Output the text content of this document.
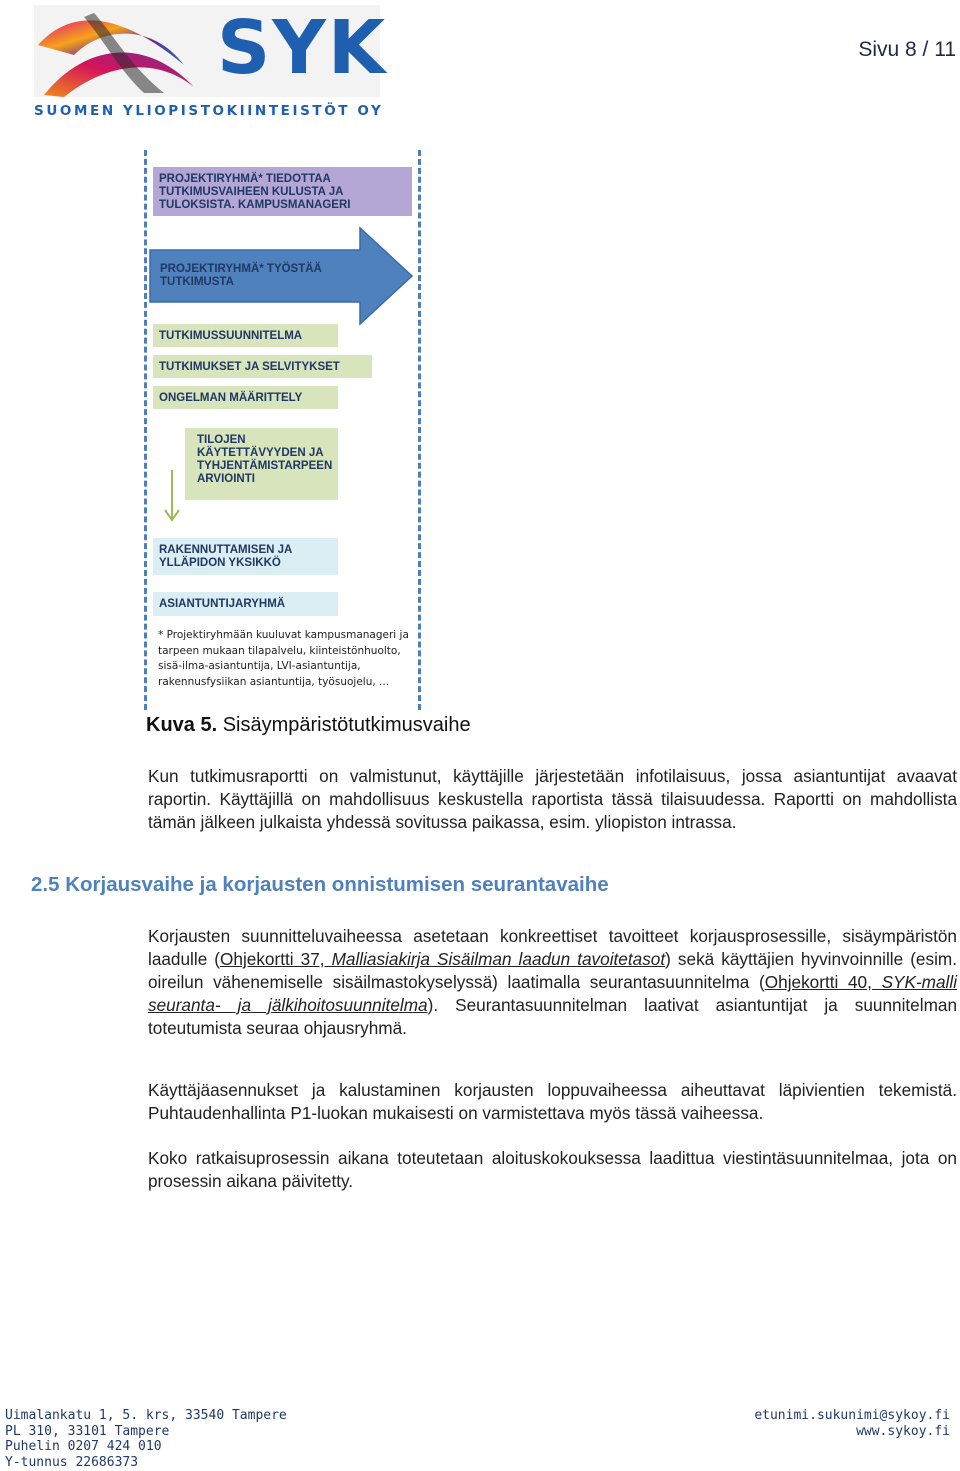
SYK
SUOMEN YLIOPISTOKIINTEISTÖT OY
Sivu 8 / 11
PROJEKTIRYHMÄ* TIEDOTTAA TUTKIMUSVAIHEEN KULUSTA JA TULOKSISTA. KAMPUSMANAGERI
PROJEKTIRYHMÄ* TYÖSTÄÄ TUTKIMUSTA
TUTKIMUSSUUNNITELMA
TUTKIMUKSET JA SELVITYKSET
ONGELMAN MÄÄRITTELY
TILOJEN KÄYTETTÄVYYDEN JA TYHJENTÄMISTARPEEN ARVIOINTI
RAKENNUTTAMISEN JA YLLÄPIDON YKSIKKÖ
ASIANTUNTIJARYHMÄ
* Projektiryhmään kuuluvat kampusmanageri ja tarpeen mukaan tilapalvelu, kiinteistönhuolto, sisä-ilma-asiantuntija, LVI-asiantuntija, rakennusfysiikan asiantuntija, työsuojelu, ...
Kuva 5. Sisäympäristötutkimusvaihe
Kun tutkimusraportti on valmistunut, käyttäjille järjestetään infotilaisuus, jossa asiantuntijat avaavat raportin. Käyttäjillä on mahdollisuus keskustella raportista tässä tilaisuudessa. Raportti on mahdollista tämän jälkeen julkaista yhdessä sovitussa paikassa, esim. yliopiston intrassa.
2.5 Korjausvaihe ja korjausten onnistumisen seurantavaihe
Korjausten suunnitteluvaiheessa asetetaan konkreettiset tavoitteet korjausprosessille, sisäympäristön laadulle (Ohjekortti 37, Malliasiakirja Sisäilman laadun tavoitetasot) sekä käyttäjien hyvinvoinnille (esim. oireilun vähenemiselle sisäilmastokyselyssä) laatimalla seurantasuunnitelma (Ohjekortti 40, SYK-malli seuranta- ja jälkihoitosuunnitelma). Seurantasuunnitelman laativat asiantuntijat ja suunnitelman toteutumista seuraa ohjausryhmä.
Käyttäjäasennukset ja kalustaminen korjausten loppuvaiheessa aiheuttavat läpivientien tekemistä. Puhtaudenhallinta P1-luokan mukaisesti on varmistettava myös tässä vaiheessa.
Koko ratkaisuprosessin aikana toteutetaan aloituskokouksessa laadittua viestintäsuunnitelmaa, jota on prosessin aikana päivitetty.
Uimalankatu 1, 5. krs, 33540 Tampere
PL 310, 33101 Tampere
Puhelin 0207 424 010
Y-tunnus 22686373
etunimi.sukunimi@sykoy.fi
www.sykoy.fi
